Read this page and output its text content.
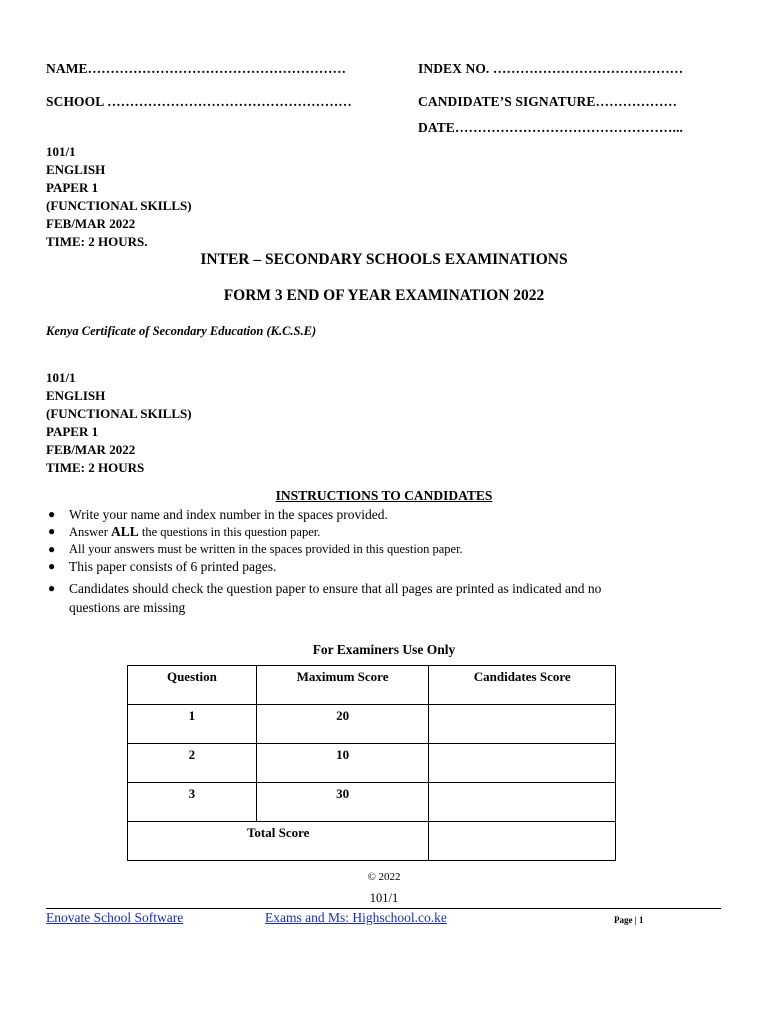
NAME…………………………………………………	INDEX NO. ……………………………………
SCHOOL ………………………………………………	CANDIDATE’S SIGNATURE………………
DATE…………………………………………...
101/1
ENGLISH
PAPER 1
(FUNCTIONAL SKILLS)
FEB/MAR 2022
TIME: 2 HOURS.
INTER – SECONDARY SCHOOLS EXAMINATIONS
FORM 3 END OF YEAR EXAMINATION 2022
Kenya Certificate of Secondary Education (K.C.S.E)
101/1
ENGLISH
(FUNCTIONAL SKILLS)
PAPER 1
FEB/MAR 2022
TIME: 2 HOURS
INSTRUCTIONS TO CANDIDATES
● Write your name and index number in the spaces provided.
● Answer ALL the questions in this question paper.
● All your answers must be written in the spaces provided in this question paper.
● This paper consists of 6 printed pages.
● Candidates should check the question paper to ensure that all pages are printed as indicated and no
questions are missing
For Examiners Use Only
Question	Maximum Score	Candidates Score
1	20	
2	10	
3	30	
Total Score		
© 2022
101/1
Enovate School Software	Exams and Ms: Highschool.co.ke	Page | 1
